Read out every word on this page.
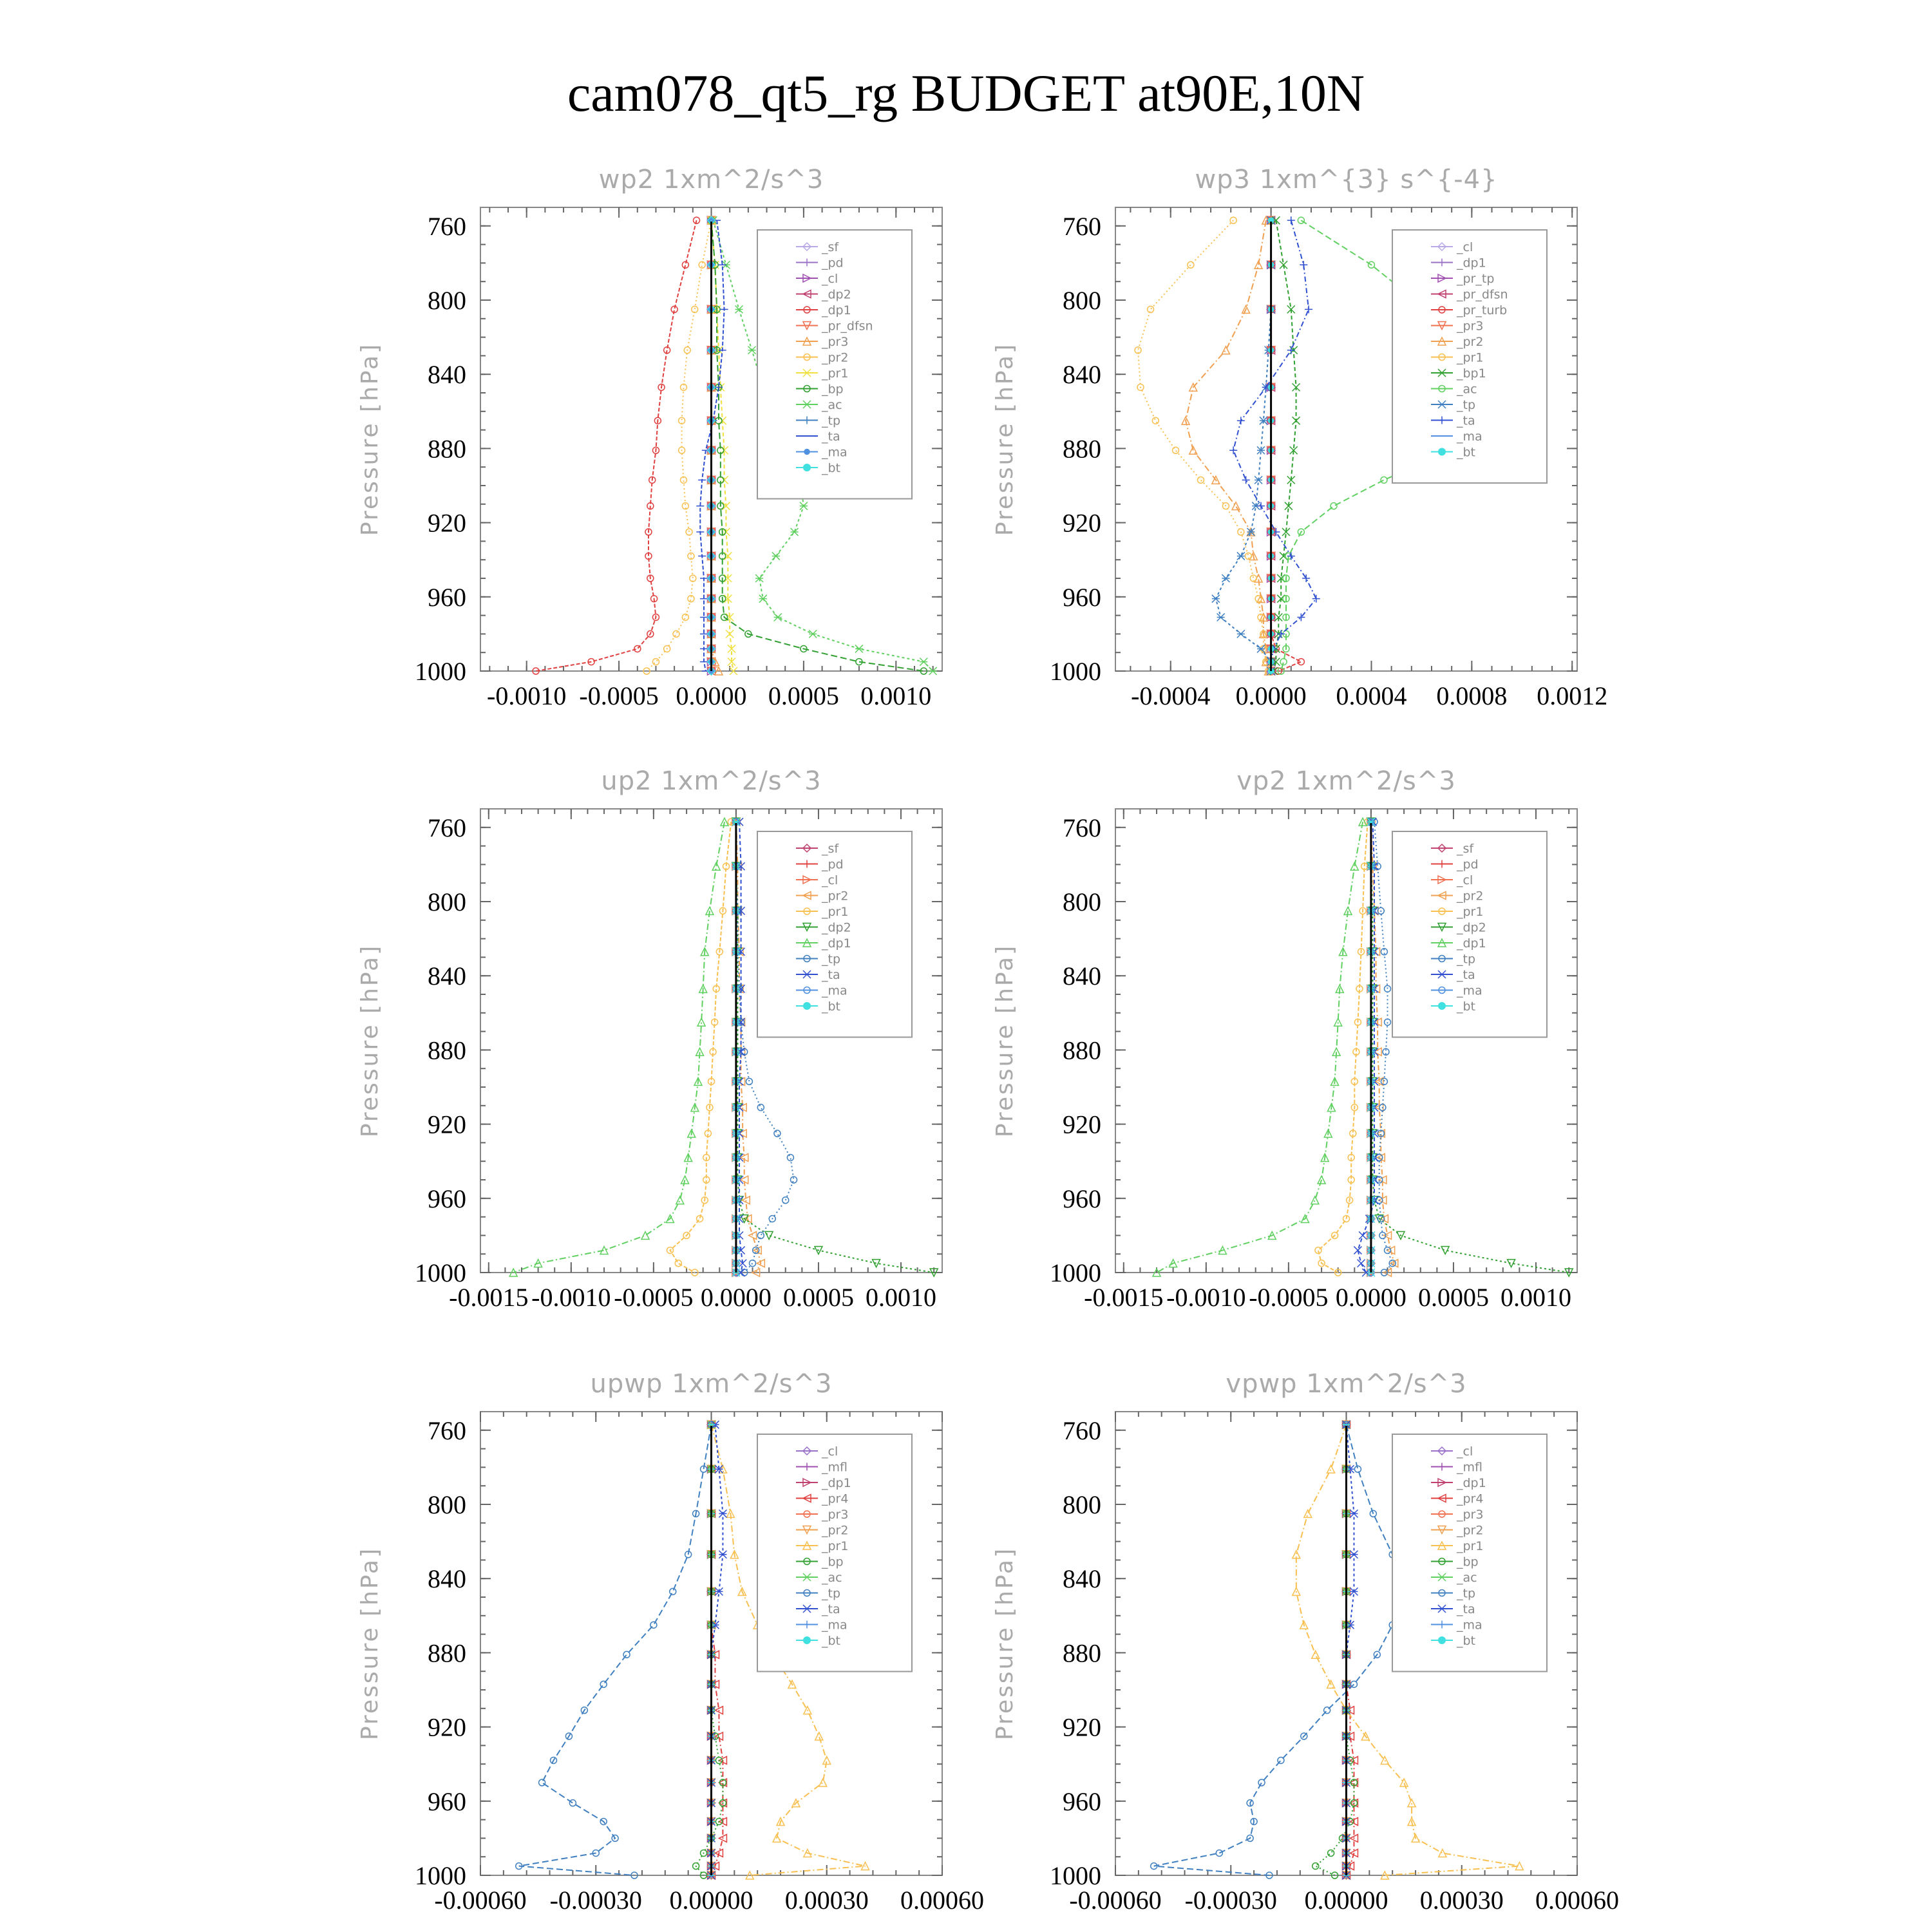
cam078_qt5_rg BUDGET at90E,10N
wp2 1xm^2/s^3
Pressure [hPa]
760
800
840
880
920
960
1000
-0.0010 -0.0005 0.0000 0.0005 0.0010
_sf
_pd
_cl
_dp2
_dp1
_pr_dfsn
_pr3
_pr2
_pr1
_bp
_ac
_tp
_ta
_ma
_bt
wp3 1xm^{3} s^{-4}
Pressure [hPa]
760
800
840
880
920
960
1000
-0.0004 0.0000 0.0004 0.0008 0.0012
_cl
_dp1
_pr_tp
_pr_dfsn
_pr_turb
_pr3
_pr2
_pr1
_bp1
_ac
_tp
_ta
_ma
_bt
up2 1xm^2/s^3
Pressure [hPa]
760
800
840
880
920
960
1000
-0.0015 -0.0010 -0.0005 0.0000 0.0005 0.0010
_sf
_pd
_cl
_pr2
_pr1
_dp2
_dp1
_tp
_ta
_ma
_bt
vp2 1xm^2/s^3
Pressure [hPa]
760
800
840
880
920
960
1000
-0.0015 -0.0010 -0.0005 0.0000 0.0005 0.0010
_sf
_pd
_cl
_pr2
_pr1
_dp2
_dp1
_tp
_ta
_ma
_bt
upwp 1xm^2/s^3
Pressure [hPa]
760
800
840
880
920
960
1000
-0.00060 -0.00030 0.00000 0.00030 0.00060
_cl
_mfl
_dp1
_pr4
_pr3
_pr2
_pr1
_bp
_ac
_tp
_ta
_ma
_bt
vpwp 1xm^2/s^3
Pressure [hPa]
760
800
840
880
920
960
1000
-0.00060 -0.00030 0.00000 0.00030 0.00060
_cl
_mfl
_dp1
_pr4
_pr3
_pr2
_pr1
_bp
_ac
_tp
_ta
_ma
_bt
